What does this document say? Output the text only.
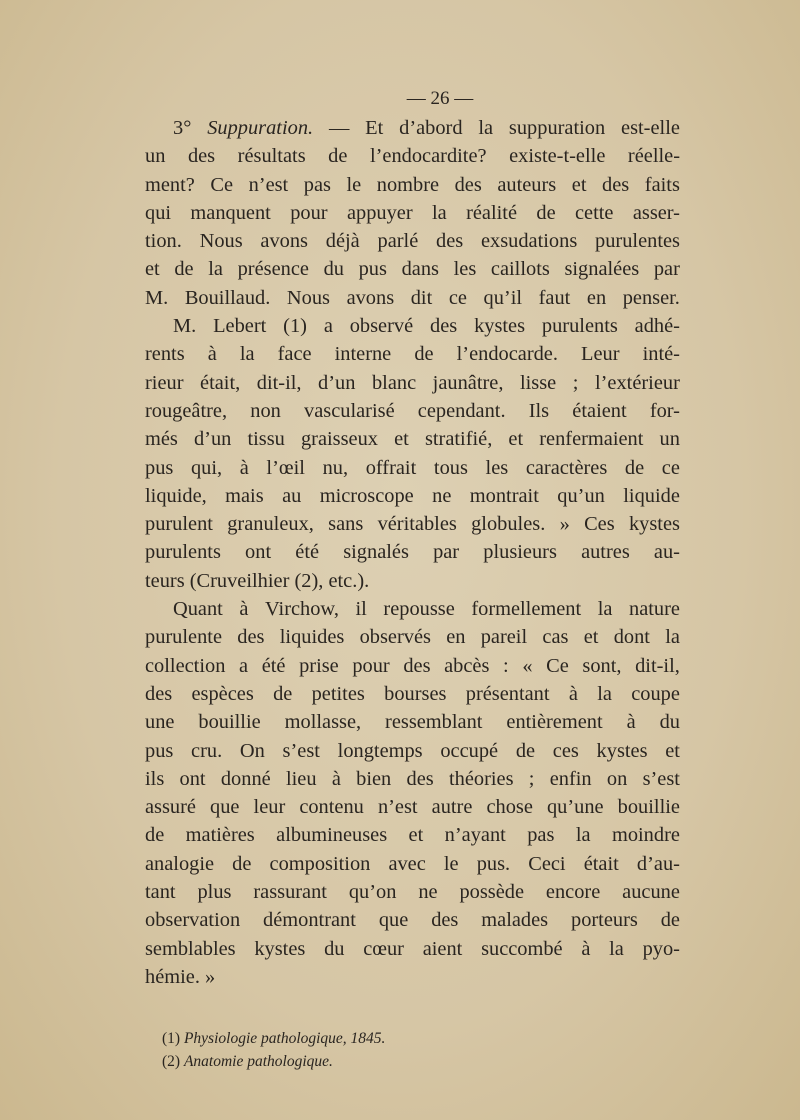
— 26 —
3° Suppuration. — Et d’abord la suppuration est-elle
un des résultats de l’endocardite? existe-t-elle réelle-
ment? Ce n’est pas le nombre des auteurs et des faits
qui manquent pour appuyer la réalité de cette asser-
tion. Nous avons déjà parlé des exsudations purulentes
et de la présence du pus dans les caillots signalées par
M. Bouillaud. Nous avons dit ce qu’il faut en penser.
M. Lebert (1) a observé des kystes purulents adhé-
rents à la face interne de l’endocarde. Leur inté-
rieur était, dit-il, d’un blanc jaunâtre, lisse ; l’extérieur
rougeâtre, non vascularisé cependant. Ils étaient for-
més d’un tissu graisseux et stratifié, et renfermaient un
pus qui, à l’œil nu, offrait tous les caractères de ce
liquide, mais au microscope ne montrait qu’un liquide
purulent granuleux, sans véritables globules. » Ces kystes
purulents ont été signalés par plusieurs autres au-
teurs (Cruveilhier (2), etc.).
Quant à Virchow, il repousse formellement la nature
purulente des liquides observés en pareil cas et dont la
collection a été prise pour des abcès : « Ce sont, dit-il,
des espèces de petites bourses présentant à la coupe
une bouillie mollasse, ressemblant entièrement à du
pus cru. On s’est longtemps occupé de ces kystes et
ils ont donné lieu à bien des théories ; enfin on s’est
assuré que leur contenu n’est autre chose qu’une bouillie
de matières albumineuses et n’ayant pas la moindre
analogie de composition avec le pus. Ceci était d’au-
tant plus rassurant qu’on ne possède encore aucune
observation démontrant que des malades porteurs de
semblables kystes du cœur aient succombé à la pyo-
hémie. »
(1) Physiologie pathologique, 1845.
(2) Anatomie pathologique.
